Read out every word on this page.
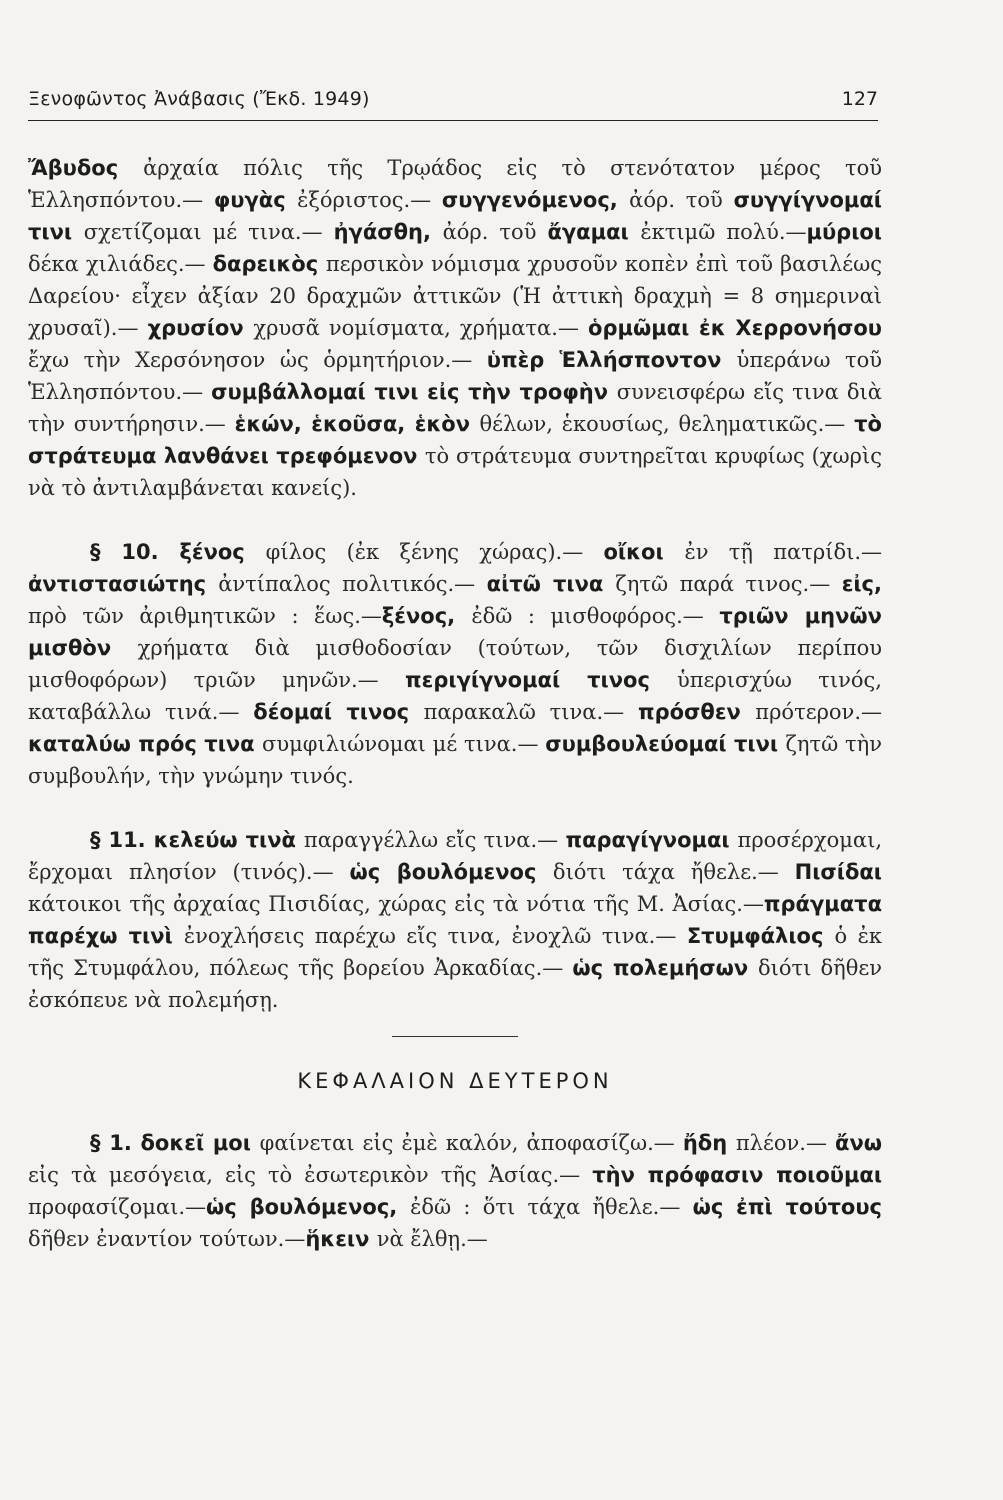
Ξενοφῶντος Ἀνάβασις (Ἔκδ. 1949)	127

Ἄβυδος ἀρχαία πόλις τῆς Τρῳάδος εἰς τὸ στενότατον μέρος τοῦ Ἑλλησπόντου.— φυγὰς ἐξόριστος.— συγγενόμενος, ἀόρ. τοῦ συγγίγνομαί τινι σχετίζομαι μέ τινα.— ἠγάσθη, ἀόρ. τοῦ ἄγαμαι ἐκτιμῶ πολύ.—μύριοι δέκα χιλιάδες.— δαρεικὸς περσικὸν νόμισμα χρυσοῦν κοπὲν ἐπὶ τοῦ βασιλέως Δαρείου· εἶχεν ἀξίαν 20 δραχμῶν ἀττικῶν (Ἡ ἀττικὴ δραχμὴ = 8 σημεριναὶ χρυσαῖ).— χρυσίον χρυσᾶ νομίσματα, χρήματα.— ὁρμῶμαι ἐκ Χερρονήσου ἔχω τὴν Χερσόνησον ὡς ὁρμητήριον.— ὑπὲρ Ἑλλήσποντον ὑπεράνω τοῦ Ἑλλησπόντου.— συμβάλλομαί τινι εἰς τὴν τροφὴν συνεισφέρω εἴς τινα διὰ τὴν συντήρησιν.— ἑκών, ἑκοῦσα, ἑκὸν θέλων, ἑκουσίως, θεληματικῶς.— τὸ στράτευμα λανθάνει τρεφόμενον τὸ στράτευμα συντηρεῖται κρυφίως (χωρὶς νὰ τὸ ἀντιλαμβάνεται κανείς).

§ 10. ξένος φίλος (ἐκ ξένης χώρας).— οἴκοι ἐν τῇ πατρίδι.— ἀντιστασιώτης ἀντίπαλος πολιτικός.— αἰτῶ τινα ζητῶ παρά τινος.— εἰς, πρὸ τῶν ἀριθμητικῶν : ἕως.—ξένος, ἐδῶ : μισθοφόρος.— τριῶν μηνῶν μισθὸν χρήματα διὰ μισθοδοσίαν (τούτων, τῶν δισχιλίων περίπου μισθοφόρων) τριῶν μηνῶν.— περιγίγνομαί τινος ὑπερισχύω τινός, καταβάλλω τινά.— δέομαί τινος παρακαλῶ τινα.— πρόσθεν πρότερον.— καταλύω πρός τινα συμφιλιώνομαι μέ τινα.— συμβουλεύομαί τινι ζητῶ τὴν συμβουλήν, τὴν γνώμην τινός.

§ 11. κελεύω τινὰ παραγγέλλω εἴς τινα.— παραγίγνομαι προσέρχομαι, ἔρχομαι πλησίον (τινός).— ὡς βουλόμενος διότι τάχα ἤθελε.— Πισίδαι κάτοικοι τῆς ἀρχαίας Πισιδίας, χώρας εἰς τὰ νότια τῆς Μ. Ἀσίας.—πράγματα παρέχω τινὶ ἐνοχλήσεις παρέχω εἴς τινα, ἐνοχλῶ τινα.— Στυμφάλιος ὁ ἐκ τῆς Στυμφάλου, πόλεως τῆς βορείου Ἀρκαδίας.— ὡς πολεμήσων διότι δῆθεν ἐσκόπευε νὰ πολεμήσῃ.

ΚΕΦΑΛΑΙΟΝ ΔΕΥΤΕΡΟΝ

§ 1. δοκεῖ μοι φαίνεται εἰς ἐμὲ καλόν, ἀποφασίζω.— ἤδη πλέον.— ἄνω εἰς τὰ μεσόγεια, εἰς τὸ ἐσωτερικὸν τῆς Ἀσίας.— τὴν πρόφασιν ποιοῦμαι προφασίζομαι.—ὡς βουλόμενος, ἐδῶ : ὅτι τάχα ἤθελε.— ὡς ἐπὶ τούτους δῆθεν ἐναντίον τούτων.—ἥκειν νὰ ἔλθῃ.—
